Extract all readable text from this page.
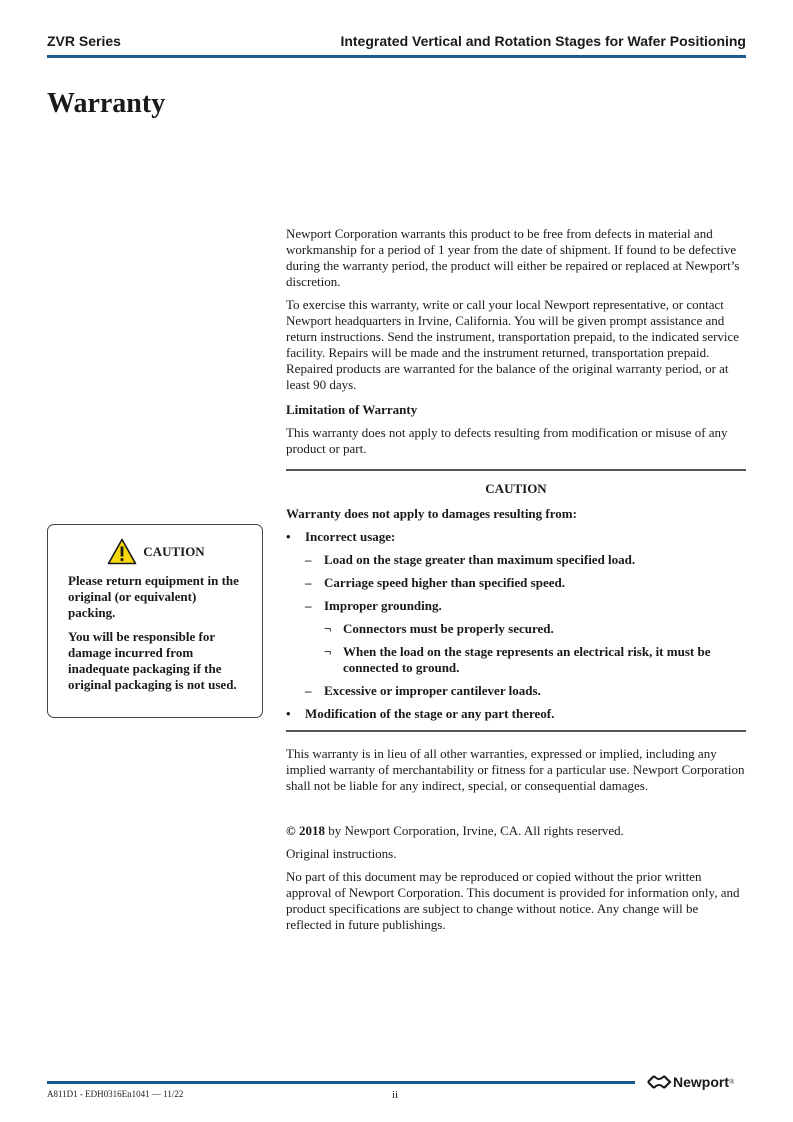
ZVR Series	Integrated Vertical and Rotation Stages for Wafer Positioning
Warranty

Newport Corporation warrants this product to be free from defects in material and workmanship for a period of 1 year from the date of shipment. If found to be defective during the warranty period, the product will either be repaired or replaced at Newport’s discretion.

To exercise this warranty, write or call your local Newport representative, or contact Newport headquarters in Irvine, California. You will be given prompt assistance and return instructions. Send the instrument, transportation prepaid, to the indicated service facility. Repairs will be made and the instrument returned, transportation prepaid. Repaired products are warranted for the balance of the original warranty period, or at least 90 days.

Limitation of Warranty

This warranty does not apply to defects resulting from modification or misuse of any product or part.

CAUTION
Warranty does not apply to damages resulting from:
•	Incorrect usage:
– Load on the stage greater than maximum specified load.
– Carriage speed higher than specified speed.
– Improper grounding.
¬ Connectors must be properly secured.
¬ When the load on the stage represents an electrical risk, it must be connected to ground.
– Excessive or improper cantilever loads.
•	Modification of the stage or any part thereof.

This warranty is in lieu of all other warranties, expressed or implied, including any implied warranty of merchantability or fitness for a particular use. Newport Corporation shall not be liable for any indirect, special, or consequential damages.

© 2018 by Newport Corporation, Irvine, CA. All rights reserved.

Original instructions.

No part of this document may be reproduced or copied without the prior written approval of Newport Corporation. This document is provided for information only, and product specifications are subject to change without notice. Any change will be reflected in future publishings.

CAUTION

Please return equipment in the original (or equivalent) packing.

You will be responsible for damage incurred from inadequate packaging if the original packaging is not used.

A811D1 - EDH0316En1041 — 11/22	ii
Newport ®
